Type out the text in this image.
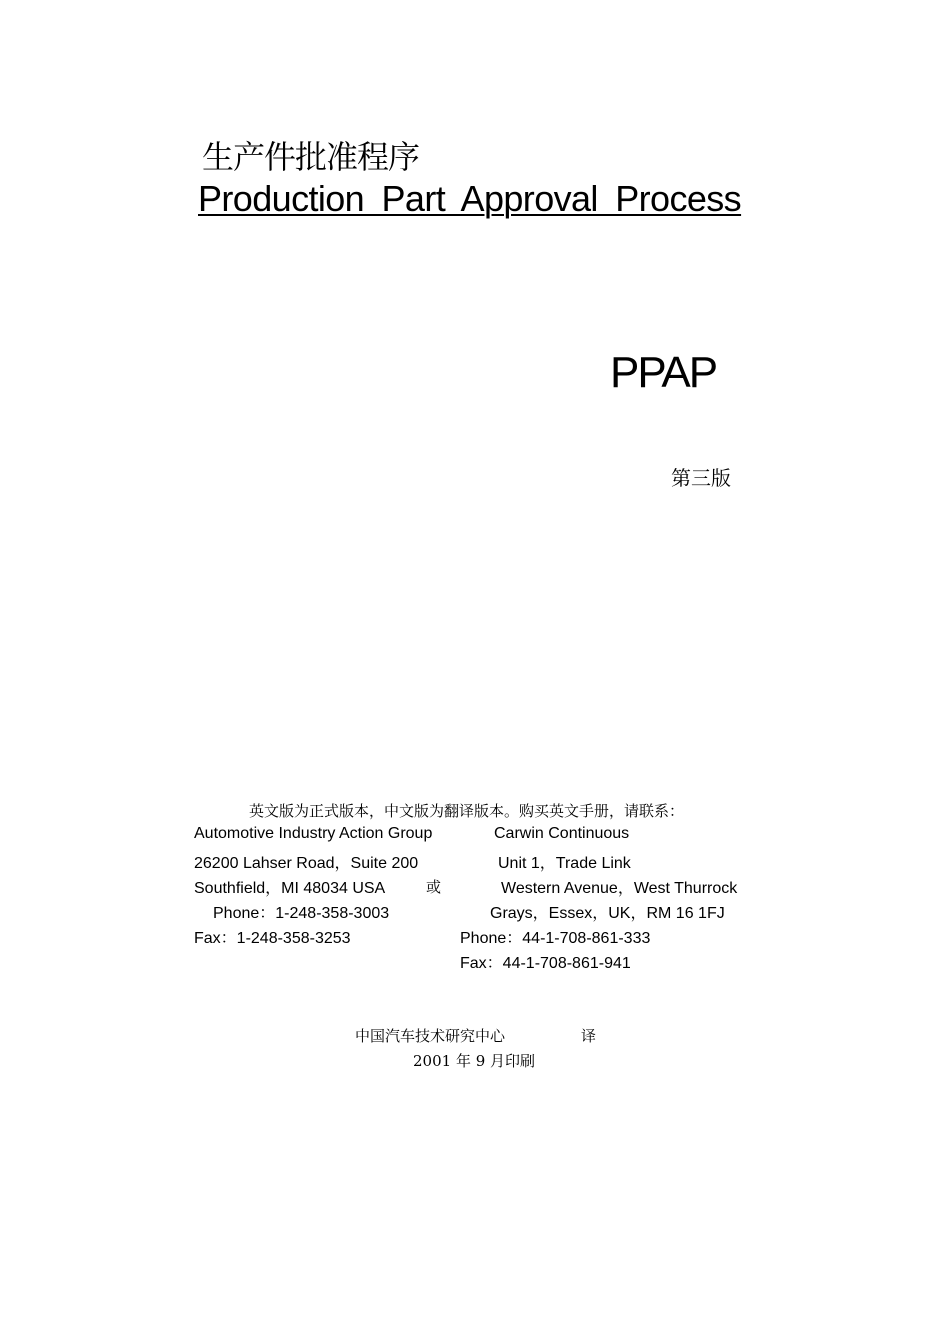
生产件批准程序
Production Part Approval Process
PPAP
第三版
英文版为正式版本，中文版为翻译版本。购买英文手册，请联系：
Automotive Industry Action Group
26200 Lahser Road，Suite 200
Southfield，MI 48034 USA
Phone：1-248-358-3003
Fax：1-248-358-3253
或
Carwin Continuous
Unit 1，Trade Link
Western Avenue，West Thurrock
Grays，Essex，UK，RM 16 1FJ
Phone：44-1-708-861-333
Fax：44-1-708-861-941
中国汽车技术研究中心	译
2001 年 9 月印刷
